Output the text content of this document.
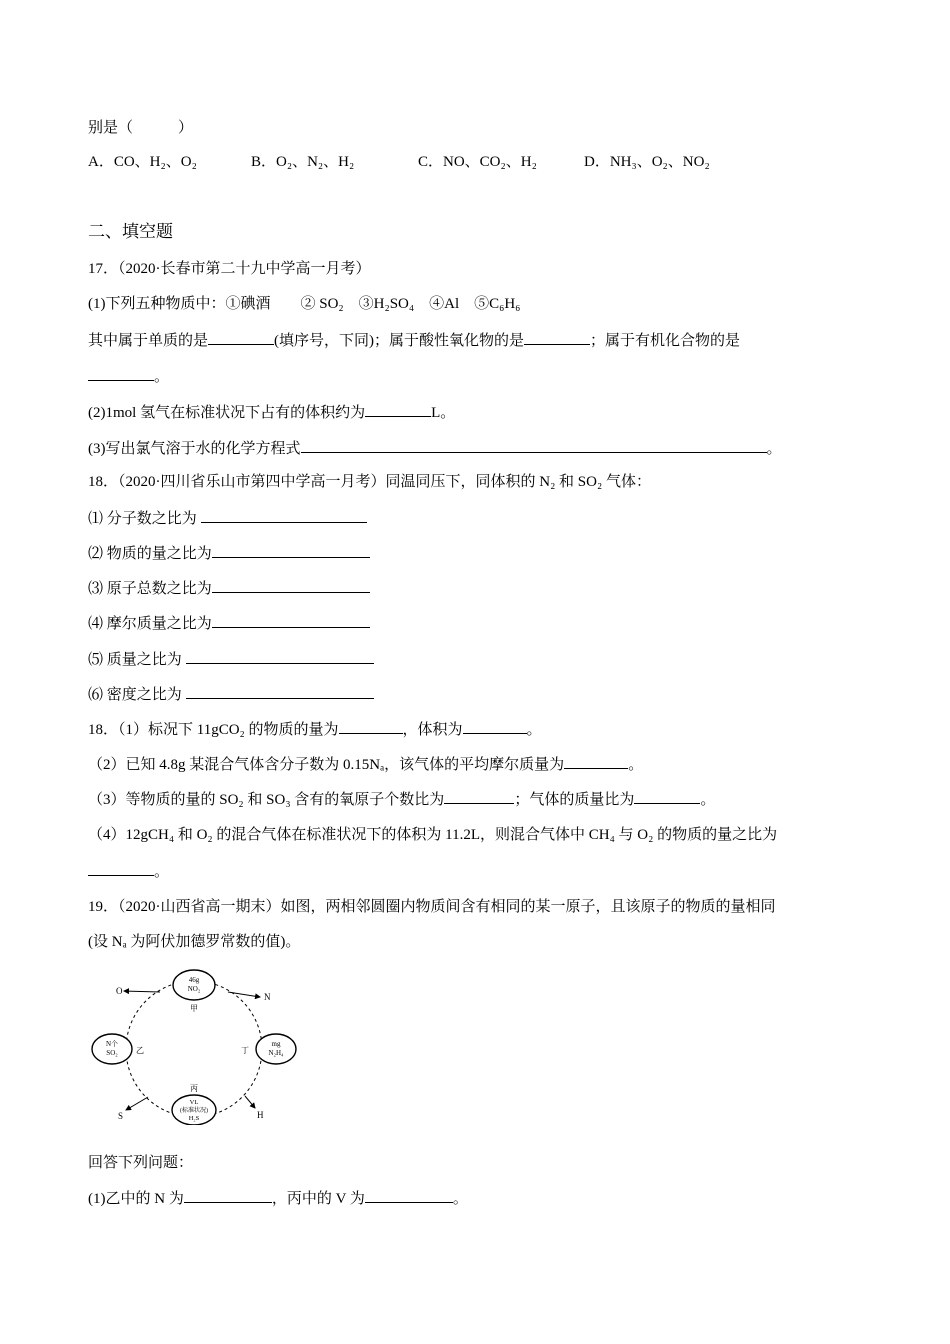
别是（　　　）
A．CO、H₂、O₂	B．O₂、N₂、H₂	C．NO、CO₂、H₂	D．NH₃、O₂、NO₂
二、填空题
17．（2020·长春市第二十九中学高一月考）
(1)下列五种物质中：①碘酒　　② SO₂　③H₂SO₄　④Al　⑤C₆H₆
其中属于单质的是	(填序号，下同)；属于酸性氧化物的是	；属于有机化合物的是
。
(2)1mol 氢气在标准状况下占有的体积约为	L。
(3)写出氯气溶于水的化学方程式	。
18．（2020·四川省乐山市第四中学高一月考）同温同压下，同体积的 N₂ 和 SO₂ 气体：
⑴ 分子数之比为
⑵ 物质的量之比为
⑶ 原子总数之比为
⑷ 摩尔质量之比为
⑸ 质量之比为
⑹ 密度之比为
18．（1）标况下 11gCO₂ 的物质的量为	，体积为	。
（2）已知 4.8g 某混合气体含分子数为 0.15Nₐ，该气体的平均摩尔质量为	。
（3）等物质的量的 SO₂ 和 SO₃ 含有的氧原子个数比为	；气体的质量比为	。
（4）12gCH₄ 和 O₂ 的混合气体在标准状况下的体积为 11.2L，则混合气体中 CH₄ 与 O₂ 的物质的量之比为
。
19．（2020·山西省高一期末）如图，两相邻圆圈内物质间含有相同的某一原子，且该原子的物质的量相同
(设 Nₐ 为阿伏加德罗常数的值)。
O
N
S	H
46g
NO₂
甲
N个
SO₂ 乙
mg
N₂H₄
丁
丙
VL
(标准状况)
H₂S
回答下列问题：
(1)乙中的 N 为	，丙中的 V 为	。
